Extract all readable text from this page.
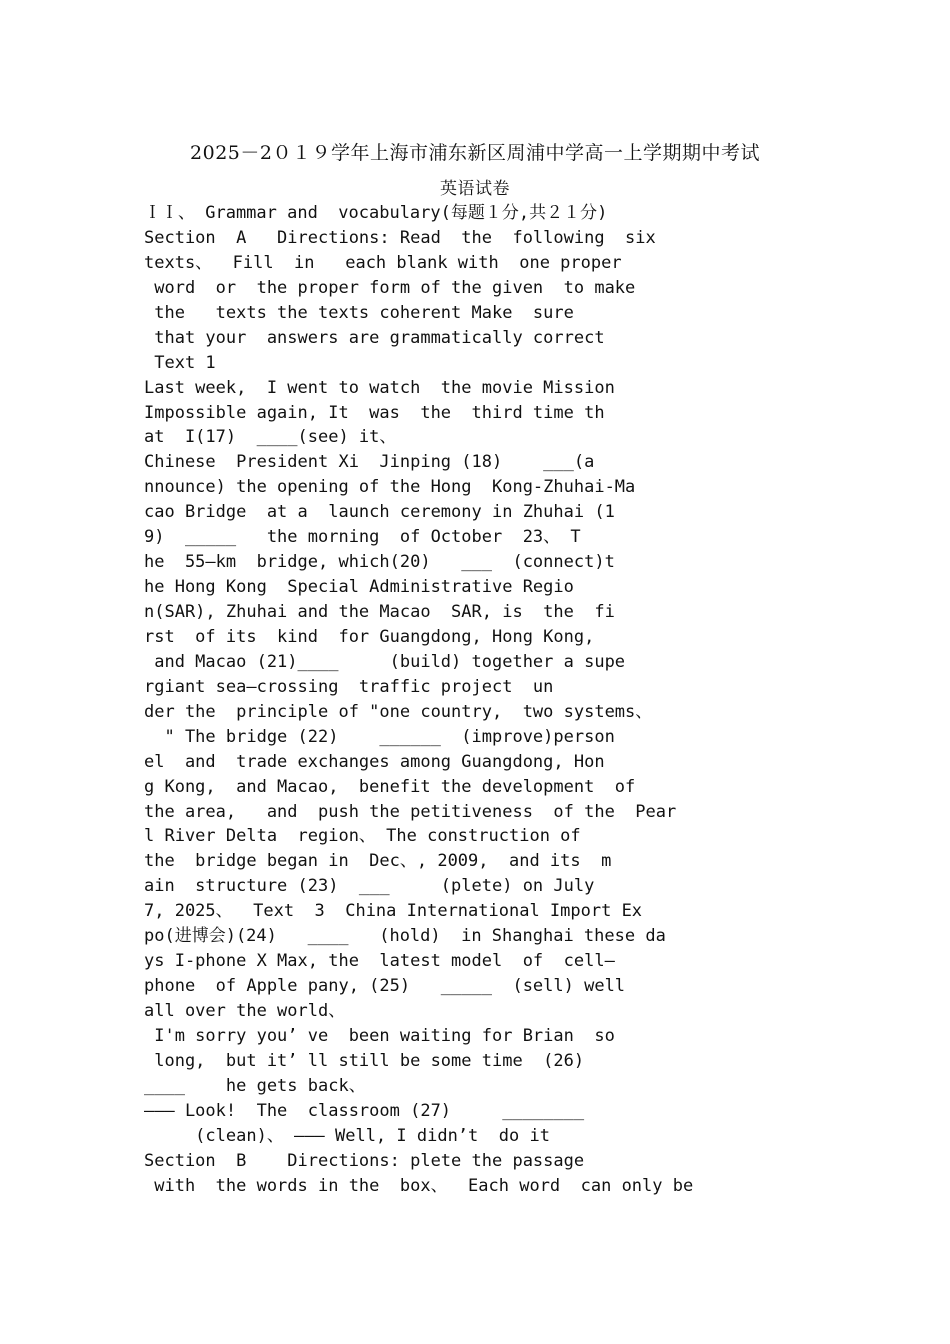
2025－2０１９学年上海市浦东新区周浦中学高一上学期期中考试
英语试卷
ＩＩ、 Grammar and  vocabulary(每题１分,共２１分)
Section  A   Directions: Read  the  following  six
texts、  Fill  in   each blank with  one proper
word  or  the proper form of the given  to make
the   texts the texts coherent Make  sure
that your  answers are grammatically correct
Text 1
Last week,  I went to watch  the movie Mission
Impossible again, It  was  the  third time th
at  I(17)  ____(see) it、
Chinese  President Xi  Jinping (18)    ___(a
nnounce) the opening of the Hong  Kong-Zhuhai-Ma
cao Bridge  at a  launch ceremony in Zhuhai (1
9)  _____   the morning  of October  23、 T
he  55—km  bridge, which(20)   ___  (connect)t
he Hong Kong  Special Administrative Regio
n(SAR), Zhuhai and the Macao  SAR, is  the  fi
rst  of its  kind  for Guangdong, Hong Kong,
and Macao (21)____     (build) together a supe
rgiant sea—crossing  traffic project  un
der the  principle of "one country,  two systems、
" The bridge (22)    ______  (improve)person
el  and  trade exchanges among Guangdong, Hon
g Kong,  and Macao,  benefit the development  of
the area,   and  push the petitiveness  of the  Pear
l River Delta  region、 The construction of
the  bridge began in  Dec、, 2009,  and its  m
ain  structure (23)  ___     (plete) on July
7, 2025、  Text  3  China International Import Ex
po(进博会)(24)   ____   (hold)  in Shanghai these da
ys I-phone X Max, the  latest model  of  cell—
phone  of Apple pany, (25)   _____  (sell) well
all over the world、
I'm sorry you’ ve  been waiting for Brian  so
long,  but it’ ll still be some time  (26)
____    he gets back、
——— Look!  The  classroom (27)     ________
(clean)、 ——— Well, I didn’t  do it
Section  B    Directions: plete the passage
with  the words in the  box、  Each word  can only be
